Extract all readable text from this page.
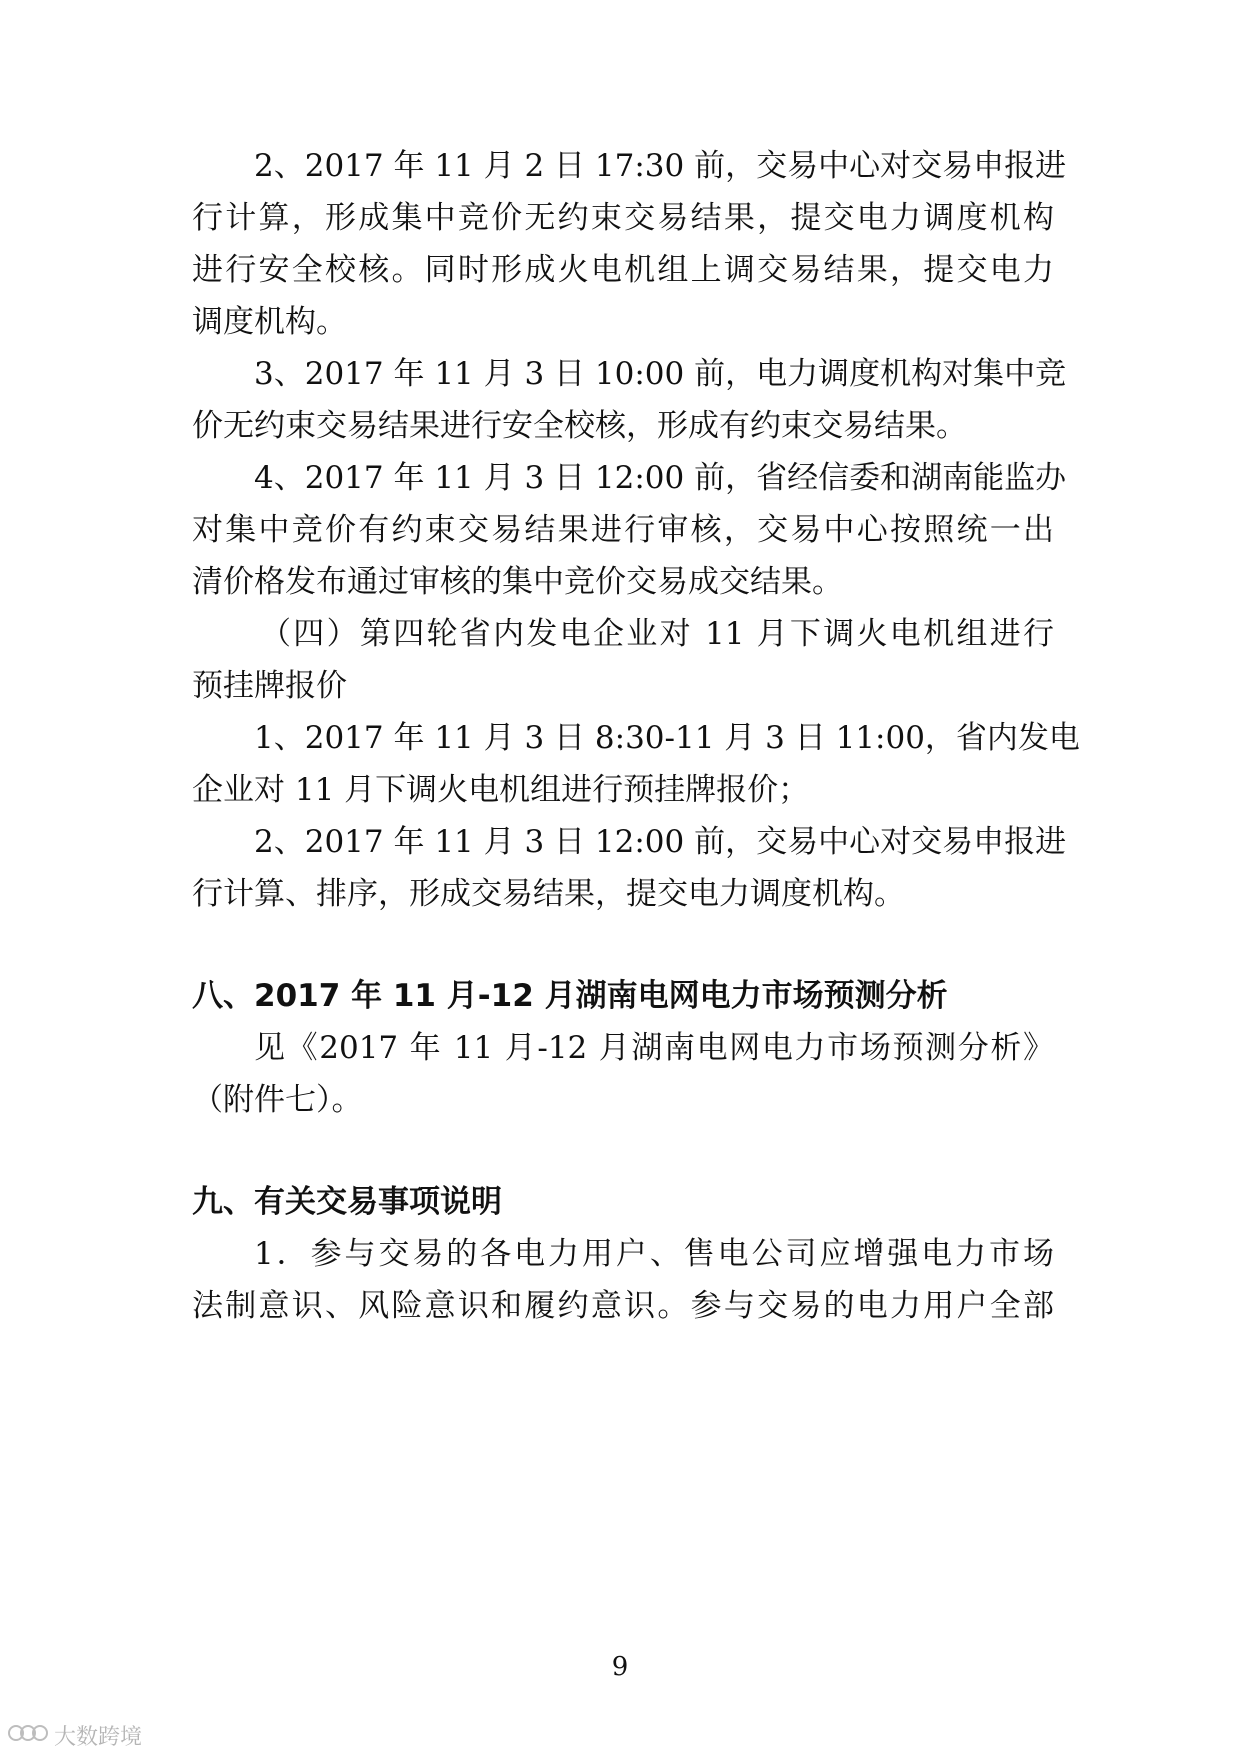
2、2017 年 11 月 2 日 17:30 前，交易中心对交易申报进
行计算，形成集中竞价无约束交易结果，提交电力调度机构
进行安全校核。同时形成火电机组上调交易结果，提交电力
调度机构。
3、2017 年 11 月 3 日 10:00 前，电力调度机构对集中竞
价无约束交易结果进行安全校核，形成有约束交易结果。
4、2017 年 11 月 3 日 12:00 前，省经信委和湖南能监办
对集中竞价有约束交易结果进行审核，交易中心按照统一出
清价格发布通过审核的集中竞价交易成交结果。
（四）第四轮省内发电企业对 11 月下调火电机组进行
预挂牌报价
1、2017 年 11 月 3 日 8:30-11 月 3 日 11:00，省内发电
企业对 11 月下调火电机组进行预挂牌报价；
2、2017 年 11 月 3 日 12:00 前，交易中心对交易申报进
行计算、排序，形成交易结果，提交电力调度机构。
八、2017 年 11 月-12 月湖南电网电力市场预测分析
见《2017 年 11 月-12 月湖南电网电力市场预测分析》
（附件七）。
九、有关交易事项说明
1．参与交易的各电力用户、售电公司应增强电力市场
法制意识、风险意识和履约意识。参与交易的电力用户全部
9
大数跨境
